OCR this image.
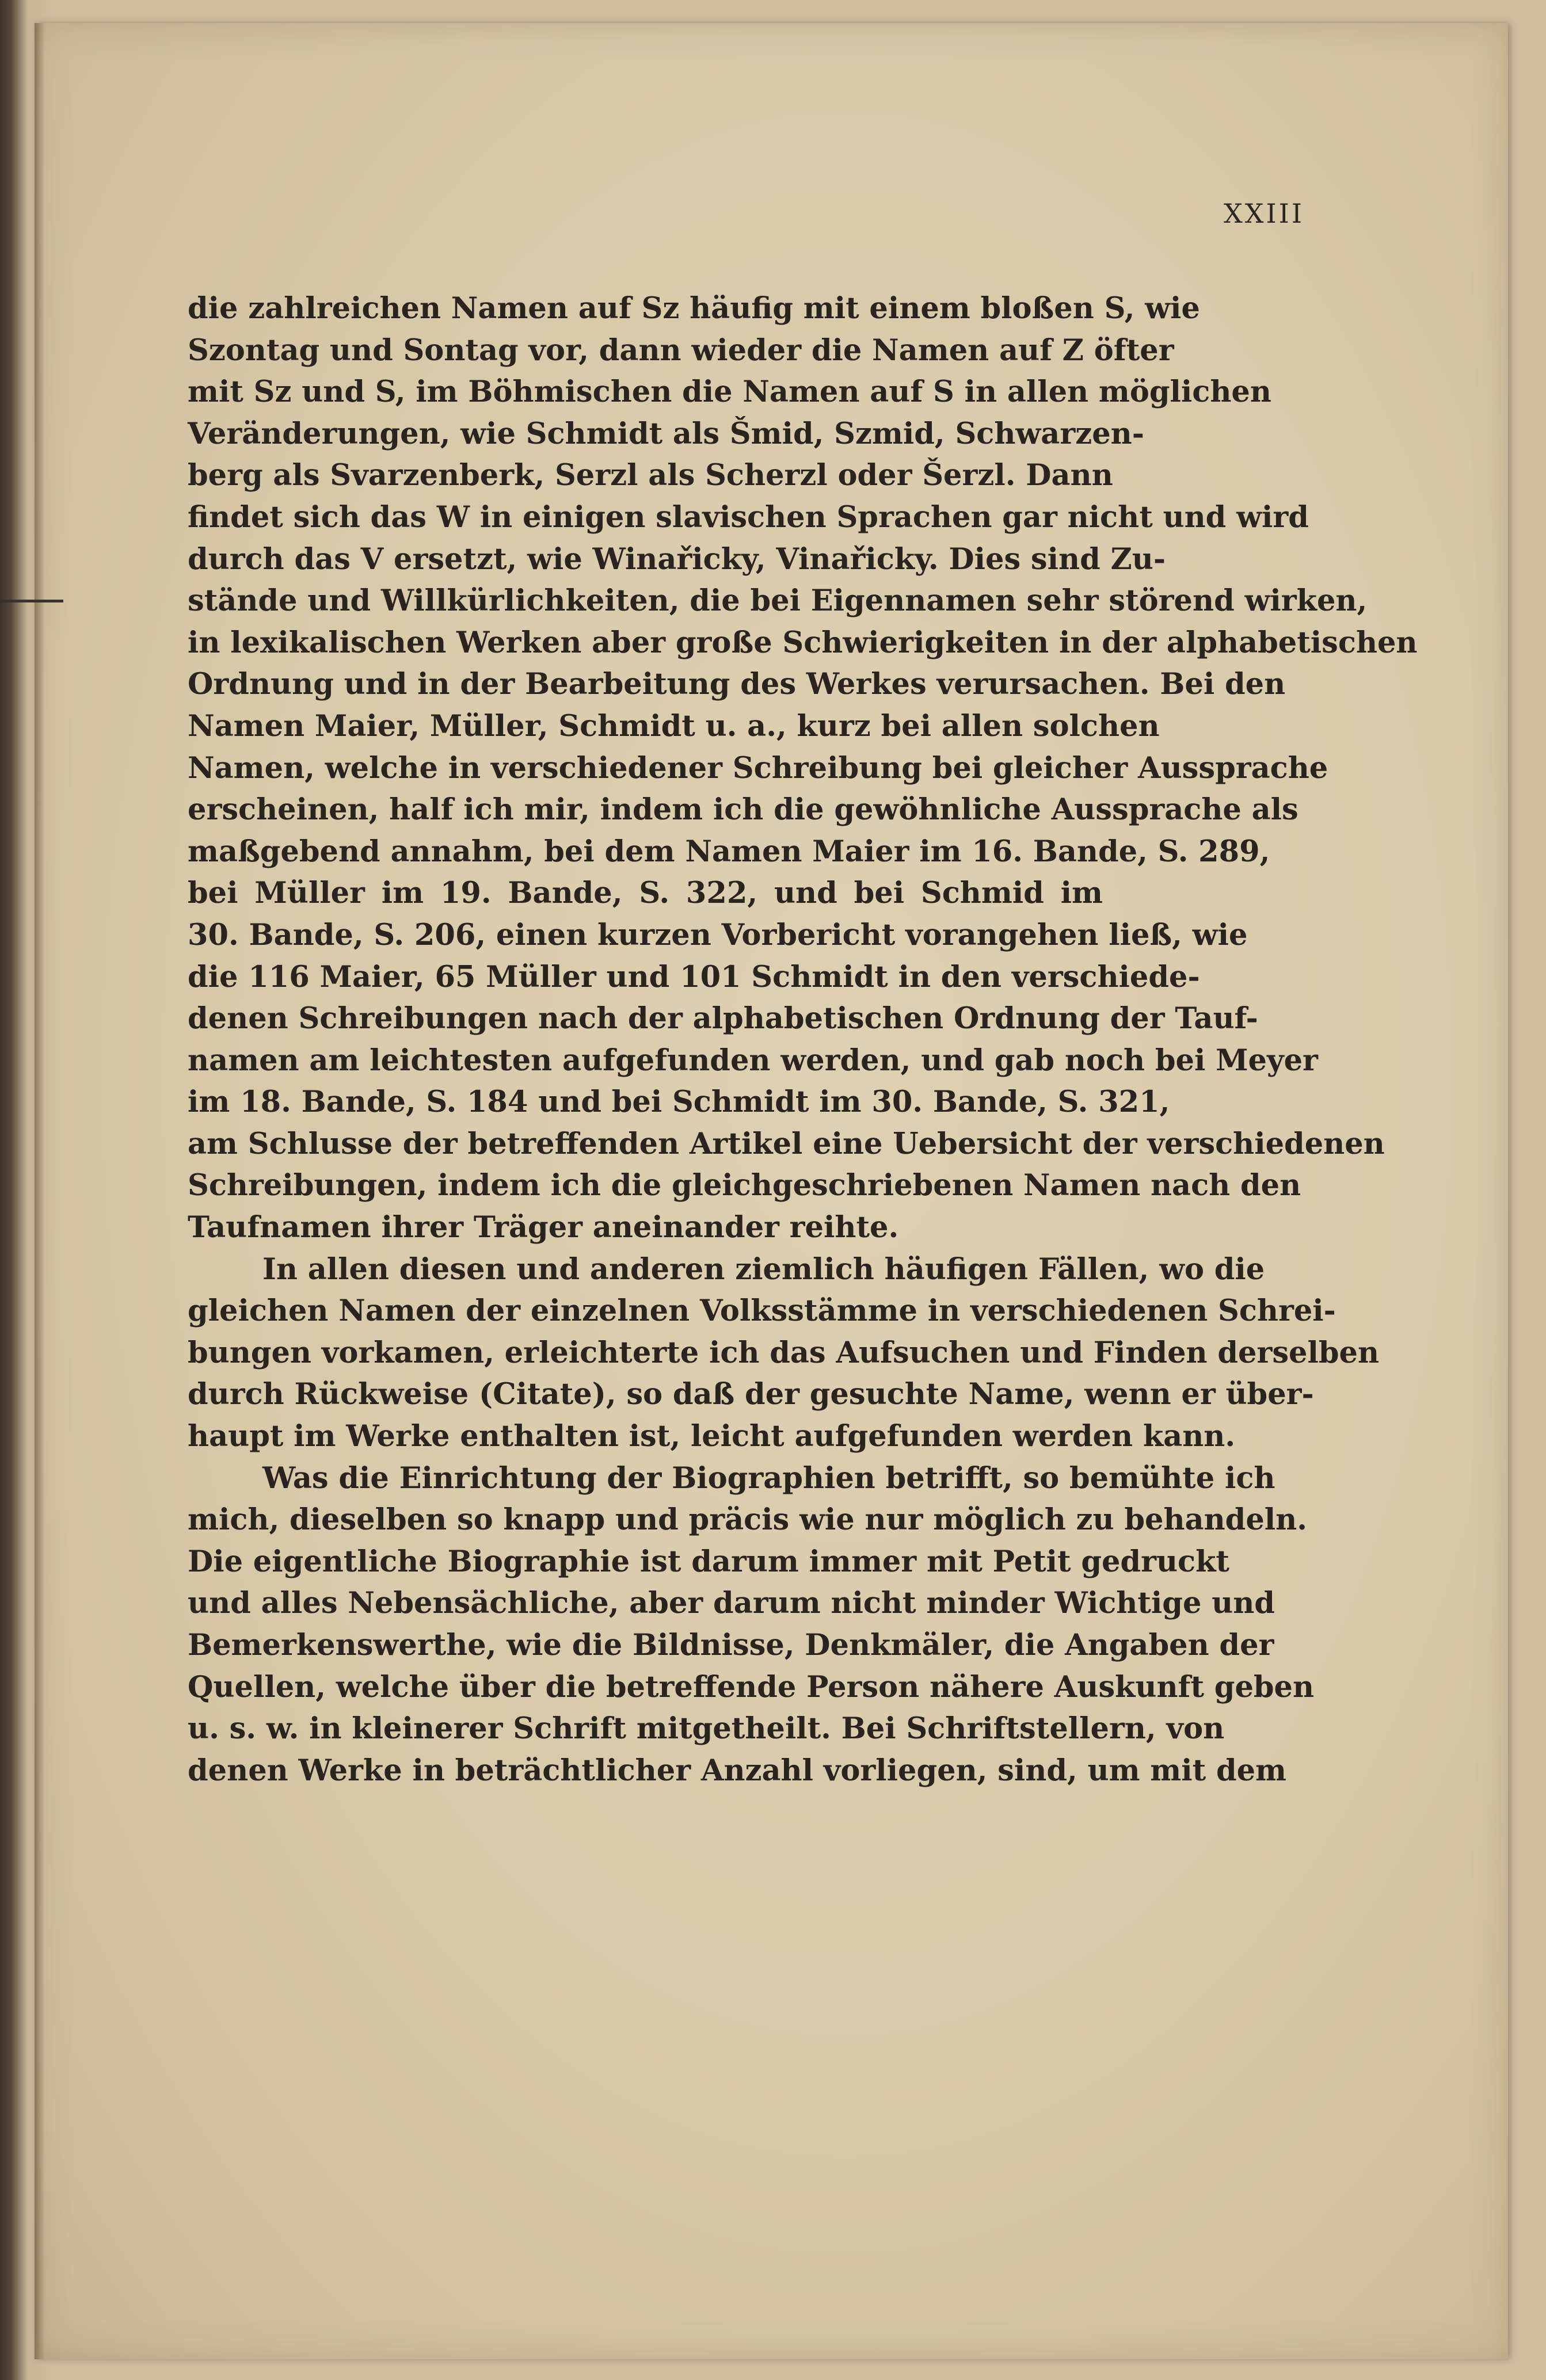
XXIII
die zahlreichen Namen auf Sz häufig mit einem bloßen S, wie
Szontag und Sontag vor, dann wieder die Namen auf Z öfter
mit Sz und S, im Böhmischen die Namen auf S in allen möglichen
Veränderungen, wie Schmidt als Šmid, Szmid, Schwarzen-
berg als Svarzenberk, Serzl als Scherzl oder Šerzl. Dann
findet sich das W in einigen slavischen Sprachen gar nicht und wird
durch das V ersetzt, wie Winařicky, Vinařicky. Dies sind Zu-
stände und Willkürlichkeiten, die bei Eigennamen sehr störend wirken,
in lexikalischen Werken aber große Schwierigkeiten in der alphabetischen
Ordnung und in der Bearbeitung des Werkes verursachen. Bei den
Namen Maier, Müller, Schmidt u. a., kurz bei allen solchen
Namen, welche in verschiedener Schreibung bei gleicher Aussprache
erscheinen, half ich mir, indem ich die gewöhnliche Aussprache als
maßgebend annahm, bei dem Namen Maier im 16. Bande, S. 289,
bei Müller im 19. Bande, S. 322, und bei Schmid im
30. Bande, S. 206, einen kurzen Vorbericht vorangehen ließ, wie
die 116 Maier, 65 Müller und 101 Schmidt in den verschiede-
denen Schreibungen nach der alphabetischen Ordnung der Tauf-
namen am leichtesten aufgefunden werden, und gab noch bei Meyer
im 18. Bande, S. 184 und bei Schmidt im 30. Bande, S. 321,
am Schlusse der betreffenden Artikel eine Uebersicht der verschiedenen
Schreibungen, indem ich die gleichgeschriebenen Namen nach den
Taufnamen ihrer Träger aneinander reihte.
In allen diesen und anderen ziemlich häufigen Fällen, wo die
gleichen Namen der einzelnen Volksstämme in verschiedenen Schrei-
bungen vorkamen, erleichterte ich das Aufsuchen und Finden derselben
durch Rückweise (Citate), so daß der gesuchte Name, wenn er über-
haupt im Werke enthalten ist, leicht aufgefunden werden kann.
Was die Einrichtung der Biographien betrifft, so bemühte ich
mich, dieselben so knapp und präcis wie nur möglich zu behandeln.
Die eigentliche Biographie ist darum immer mit Petit gedruckt
und alles Nebensächliche, aber darum nicht minder Wichtige und
Bemerkenswerthe, wie die Bildnisse, Denkmäler, die Angaben der
Quellen, welche über die betreffende Person nähere Auskunft geben
u. s. w. in kleinerer Schrift mitgetheilt. Bei Schriftstellern, von
denen Werke in beträchtlicher Anzahl vorliegen, sind, um mit dem
